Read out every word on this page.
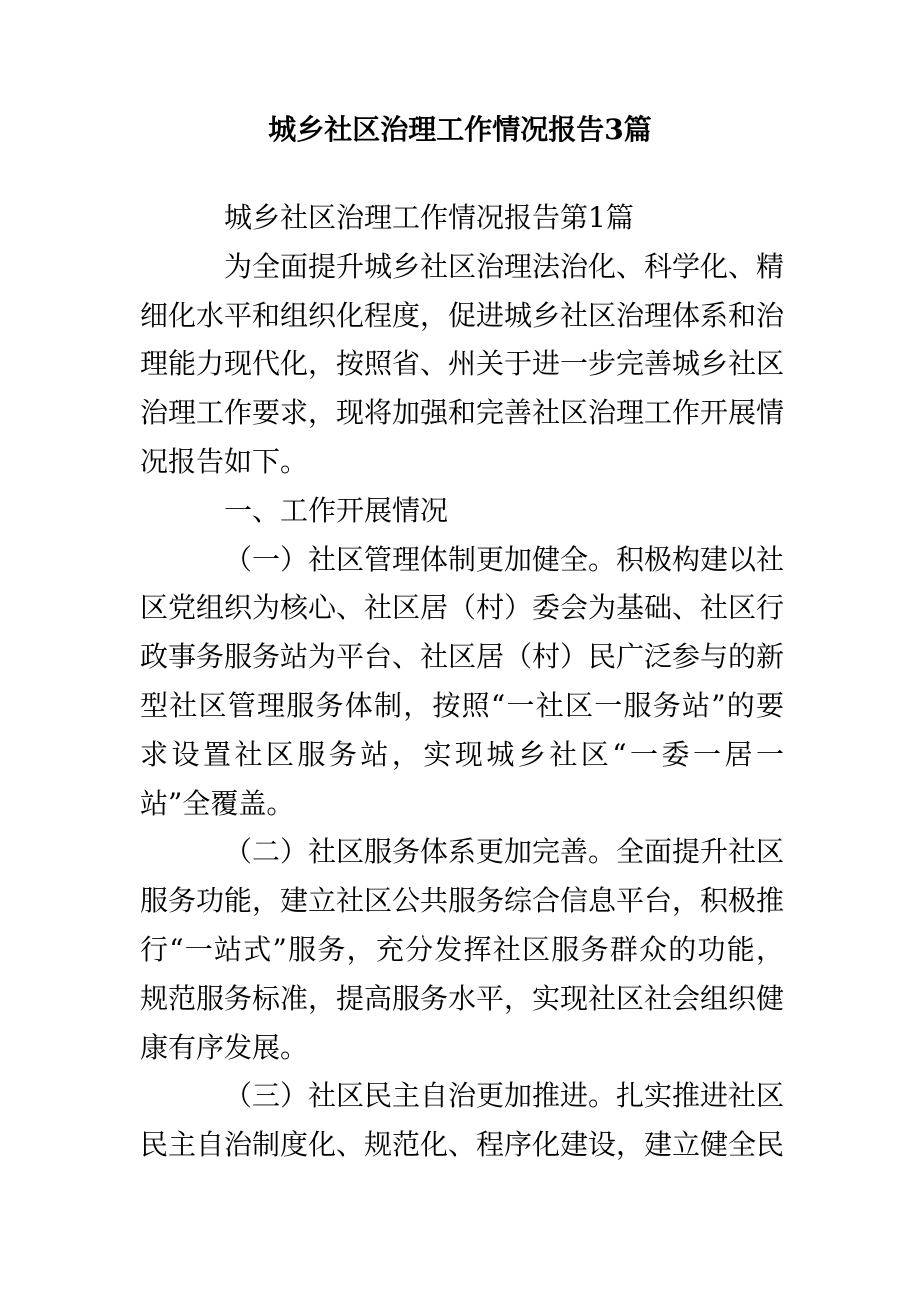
城乡社区治理工作情况报告3篇

城乡社区治理工作情况报告第1篇

为全面提升城乡社区治理法治化、科学化、精细化水平和组织化程度，促进城乡社区治理体系和治理能力现代化，按照省、州关于进一步完善城乡社区治理工作要求，现将加强和完善社区治理工作开展情况报告如下。

一、工作开展情况

（一）社区管理体制更加健全。积极构建以社区党组织为核心、社区居（村）委会为基础、社区行政事务服务站为平台、社区居（村）民广泛参与的新型社区管理服务体制，按照“一社区一服务站”的要求设置社区服务站，实现城乡社区“一委一居一站”全覆盖。

（二）社区服务体系更加完善。全面提升社区服务功能，建立社区公共服务综合信息平台，积极推行“一站式”服务，充分发挥社区服务群众的功能，规范服务标准，提高服务水平，实现社区社会组织健康有序发展。

（三）社区民主自治更加推进。扎实推进社区民主自治制度化、规范化、程序化建设，建立健全民
